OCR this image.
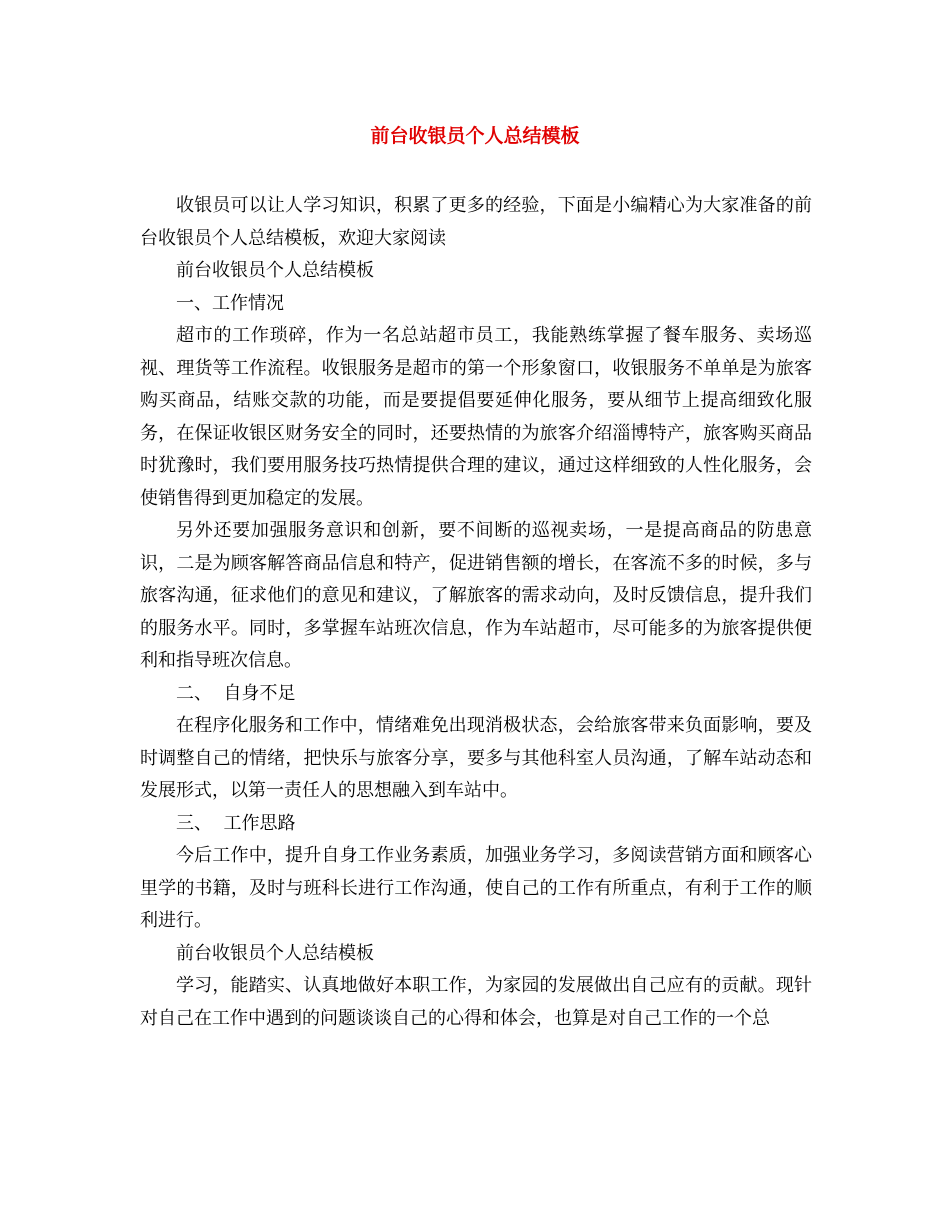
前台收银员个人总结模板

收银员可以让人学习知识，积累了更多的经验，下面是小编精心为大家准备的前台收银员个人总结模板，欢迎大家阅读

前台收银员个人总结模板

一、工作情况

超市的工作琐碎，作为一名总站超市员工，我能熟练掌握了餐车服务、卖场巡视、理货等工作流程。收银服务是超市的第一个形象窗口，收银服务不单单是为旅客购买商品，结账交款的功能，而是要提倡要延伸化服务，要从细节上提高细致化服务，在保证收银区财务安全的同时，还要热情的为旅客介绍淄博特产，旅客购买商品时犹豫时，我们要用服务技巧热情提供合理的建议，通过这样细致的人性化服务，会使销售得到更加稳定的发展。

另外还要加强服务意识和创新，要不间断的巡视卖场，一是提高商品的防患意识，二是为顾客解答商品信息和特产，促进销售额的增长，在客流不多的时候，多与旅客沟通，征求他们的意见和建议，了解旅客的需求动向，及时反馈信息，提升我们的服务水平。同时，多掌握车站班次信息，作为车站超市，尽可能多的为旅客提供便利和指导班次信息。

二、  自身不足

在程序化服务和工作中，情绪难免出现消极状态，会给旅客带来负面影响，要及时调整自己的情绪，把快乐与旅客分享，要多与其他科室人员沟通，了解车站动态和发展形式，以第一责任人的思想融入到车站中。

三、  工作思路

今后工作中，提升自身工作业务素质，加强业务学习，多阅读营销方面和顾客心里学的书籍，及时与班科长进行工作沟通，使自己的工作有所重点，有利于工作的顺利进行。

前台收银员个人总结模板

学习，能踏实、认真地做好本职工作，为家园的发展做出自己应有的贡献。现针对自己在工作中遇到的问题谈谈自己的心得和体会，也算是对自己工作的一个总
